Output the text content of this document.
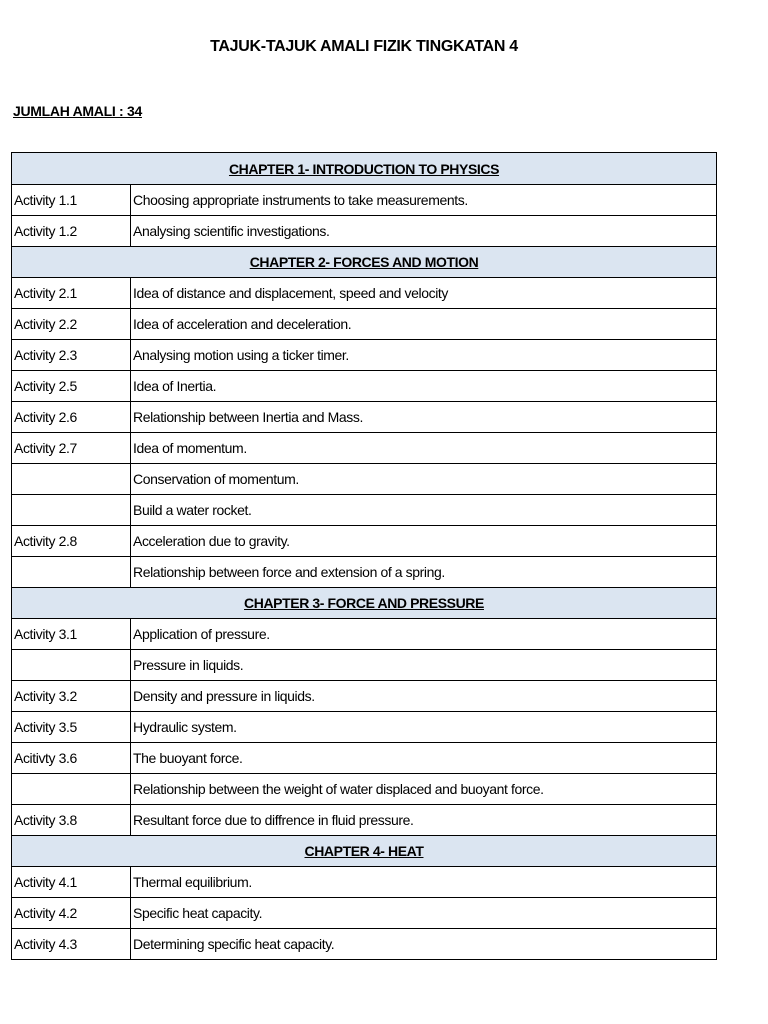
TAJUK-TAJUK AMALI FIZIK TINGKATAN 4
JUMLAH AMALI : 34
CHAPTER 1- INTRODUCTION TO PHYSICS	
Activity 1.1	Choosing appropriate instruments to take measurements.
Activity 1.2	Analysing scientific investigations.
CHAPTER 2- FORCES AND MOTION	
Activity 2.1	Idea of distance and displacement, speed and velocity
Activity 2.2	Idea of acceleration and deceleration.
Activity 2.3	Analysing motion using a ticker timer.
Activity 2.5	Idea of Inertia.
Activity 2.6	Relationship between Inertia and Mass.
Activity 2.7	Idea of momentum.
	Conservation of momentum.
	Build a water rocket.
Activity 2.8	Acceleration due to gravity.
	Relationship between force and extension of a spring.
CHAPTER 3- FORCE AND PRESSURE	
Activity 3.1	Application of pressure.
	Pressure in liquids.
Activity 3.2	Density and pressure in liquids.
Activity 3.5	Hydraulic system.
Acitivty 3.6	The buoyant force.
	Relationship between the weight of water displaced and buoyant force.
Activity 3.8	Resultant force due to diffrence in fluid pressure.
CHAPTER 4- HEAT	
Activity 4.1	Thermal equilibrium.
Activity 4.2	Specific heat capacity.
Activity 4.3	Determining specific heat capacity.
